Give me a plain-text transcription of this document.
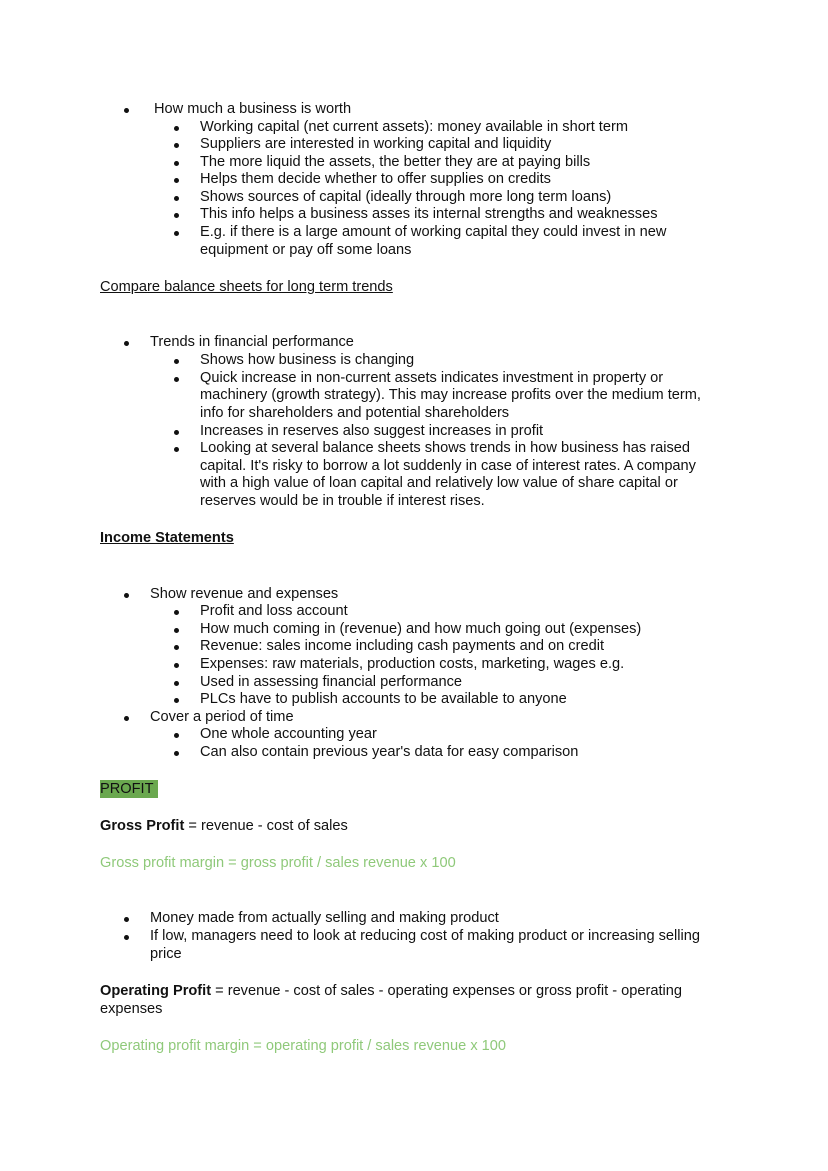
How much a business is worth
Working capital (net current assets): money available in short term
Suppliers are interested in working capital and liquidity
The more liquid the assets, the better they are at paying bills
Helps them decide whether to offer supplies on credits
Shows sources of capital (ideally through more long term loans)
This info helps a business asses its internal strengths and weaknesses
E.g. if there is a large amount of working capital they could invest in new
equipment or pay off some loans
Compare balance sheets for long term trends
Trends in financial performance
Shows how business is changing
Quick increase in non-current assets indicates investment in property or
machinery (growth strategy). This may increase profits over the medium term,
info for shareholders and potential shareholders
Increases in reserves also suggest increases in profit
Looking at several balance sheets shows trends in how business has raised
capital. It's risky to borrow a lot suddenly in case of interest rates. A company
with a high value of loan capital and relatively low value of share capital or
reserves would be in trouble if interest rises.
Income Statements
Show revenue and expenses
Profit and loss account
How much coming in (revenue) and how much going out (expenses)
Revenue: sales income including cash payments and on credit
Expenses: raw materials, production costs, marketing, wages e.g.
Used in assessing financial performance
PLCs have to publish accounts to be available to anyone
Cover a period of time
One whole accounting year
Can also contain previous year's data for easy comparison
PROFIT
Gross Profit = revenue - cost of sales
Gross profit margin = gross profit / sales revenue x 100
Money made from actually selling and making product
If low, managers need to look at reducing cost of making product or increasing selling
price
Operating Profit = revenue - cost of sales - operating expenses or gross profit - operating
expenses
Operating profit margin = operating profit / sales revenue x 100
